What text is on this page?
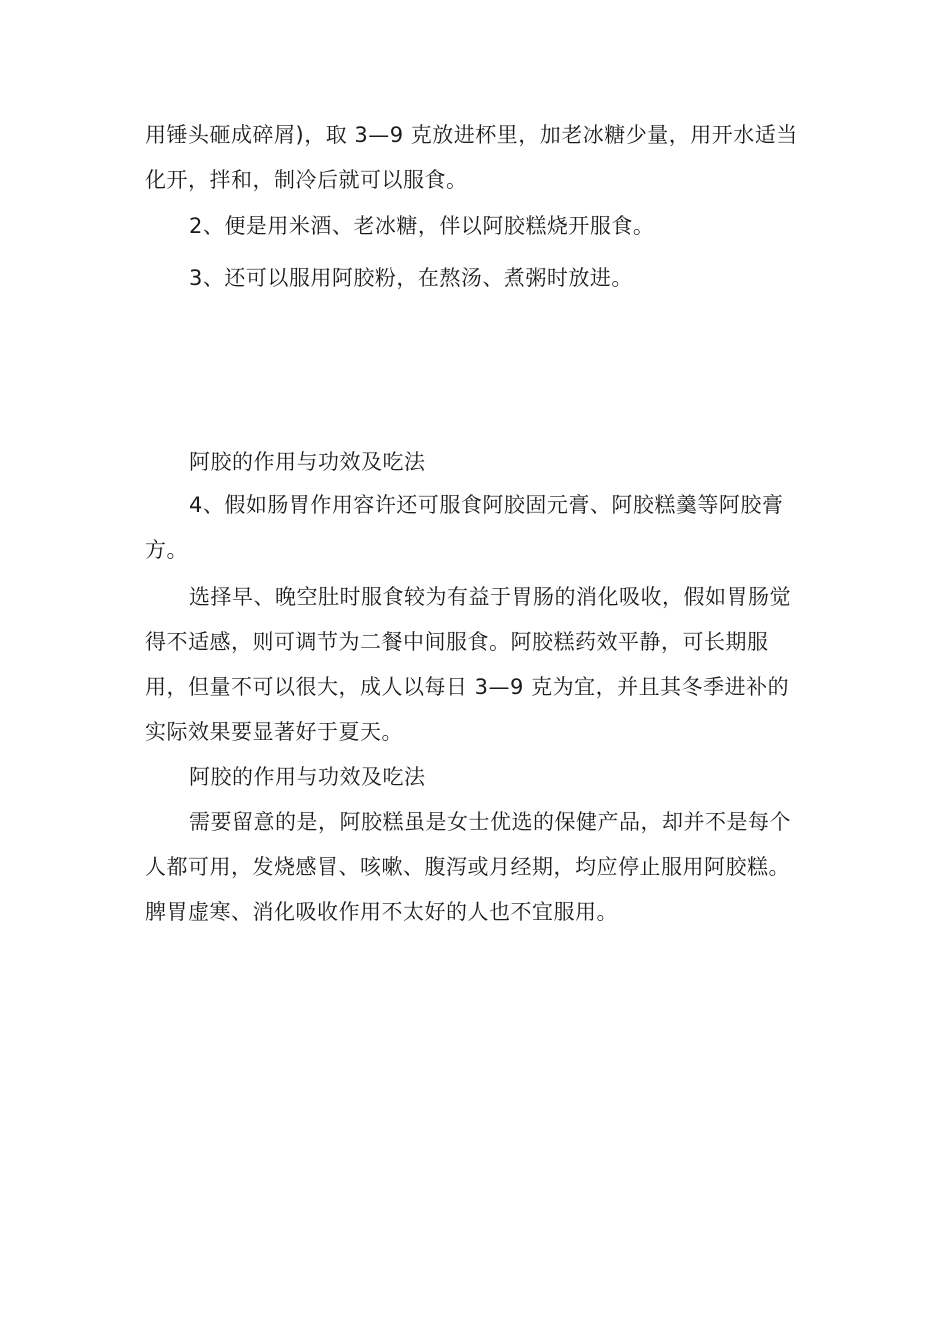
用锤头砸成碎屑)，取 3—9 克放进杯里，加老冰糖少量，用开水适当化开，拌和，制冷后就可以服食。

2、便是用米酒、老冰糖，伴以阿胶糕烧开服食。

3、还可以服用阿胶粉，在熬汤、煮粥时放进。

阿胶的作用与功效及吃法

4、假如肠胃作用容许还可服食阿胶固元膏、阿胶糕羹等阿胶膏方。

选择早、晚空肚时服食较为有益于胃肠的消化吸收，假如胃肠觉得不适感，则可调节为二餐中间服食。阿胶糕药效平静，可长期服用，但量不可以很大，成人以每日 3—9 克为宜，并且其冬季进补的实际效果要显著好于夏天。

阿胶的作用与功效及吃法

需要留意的是，阿胶糕虽是女士优选的保健产品，却并不是每个人都可用，发烧感冒、咳嗽、腹泻或月经期，均应停止服用阿胶糕。脾胃虚寒、消化吸收作用不太好的人也不宜服用。
